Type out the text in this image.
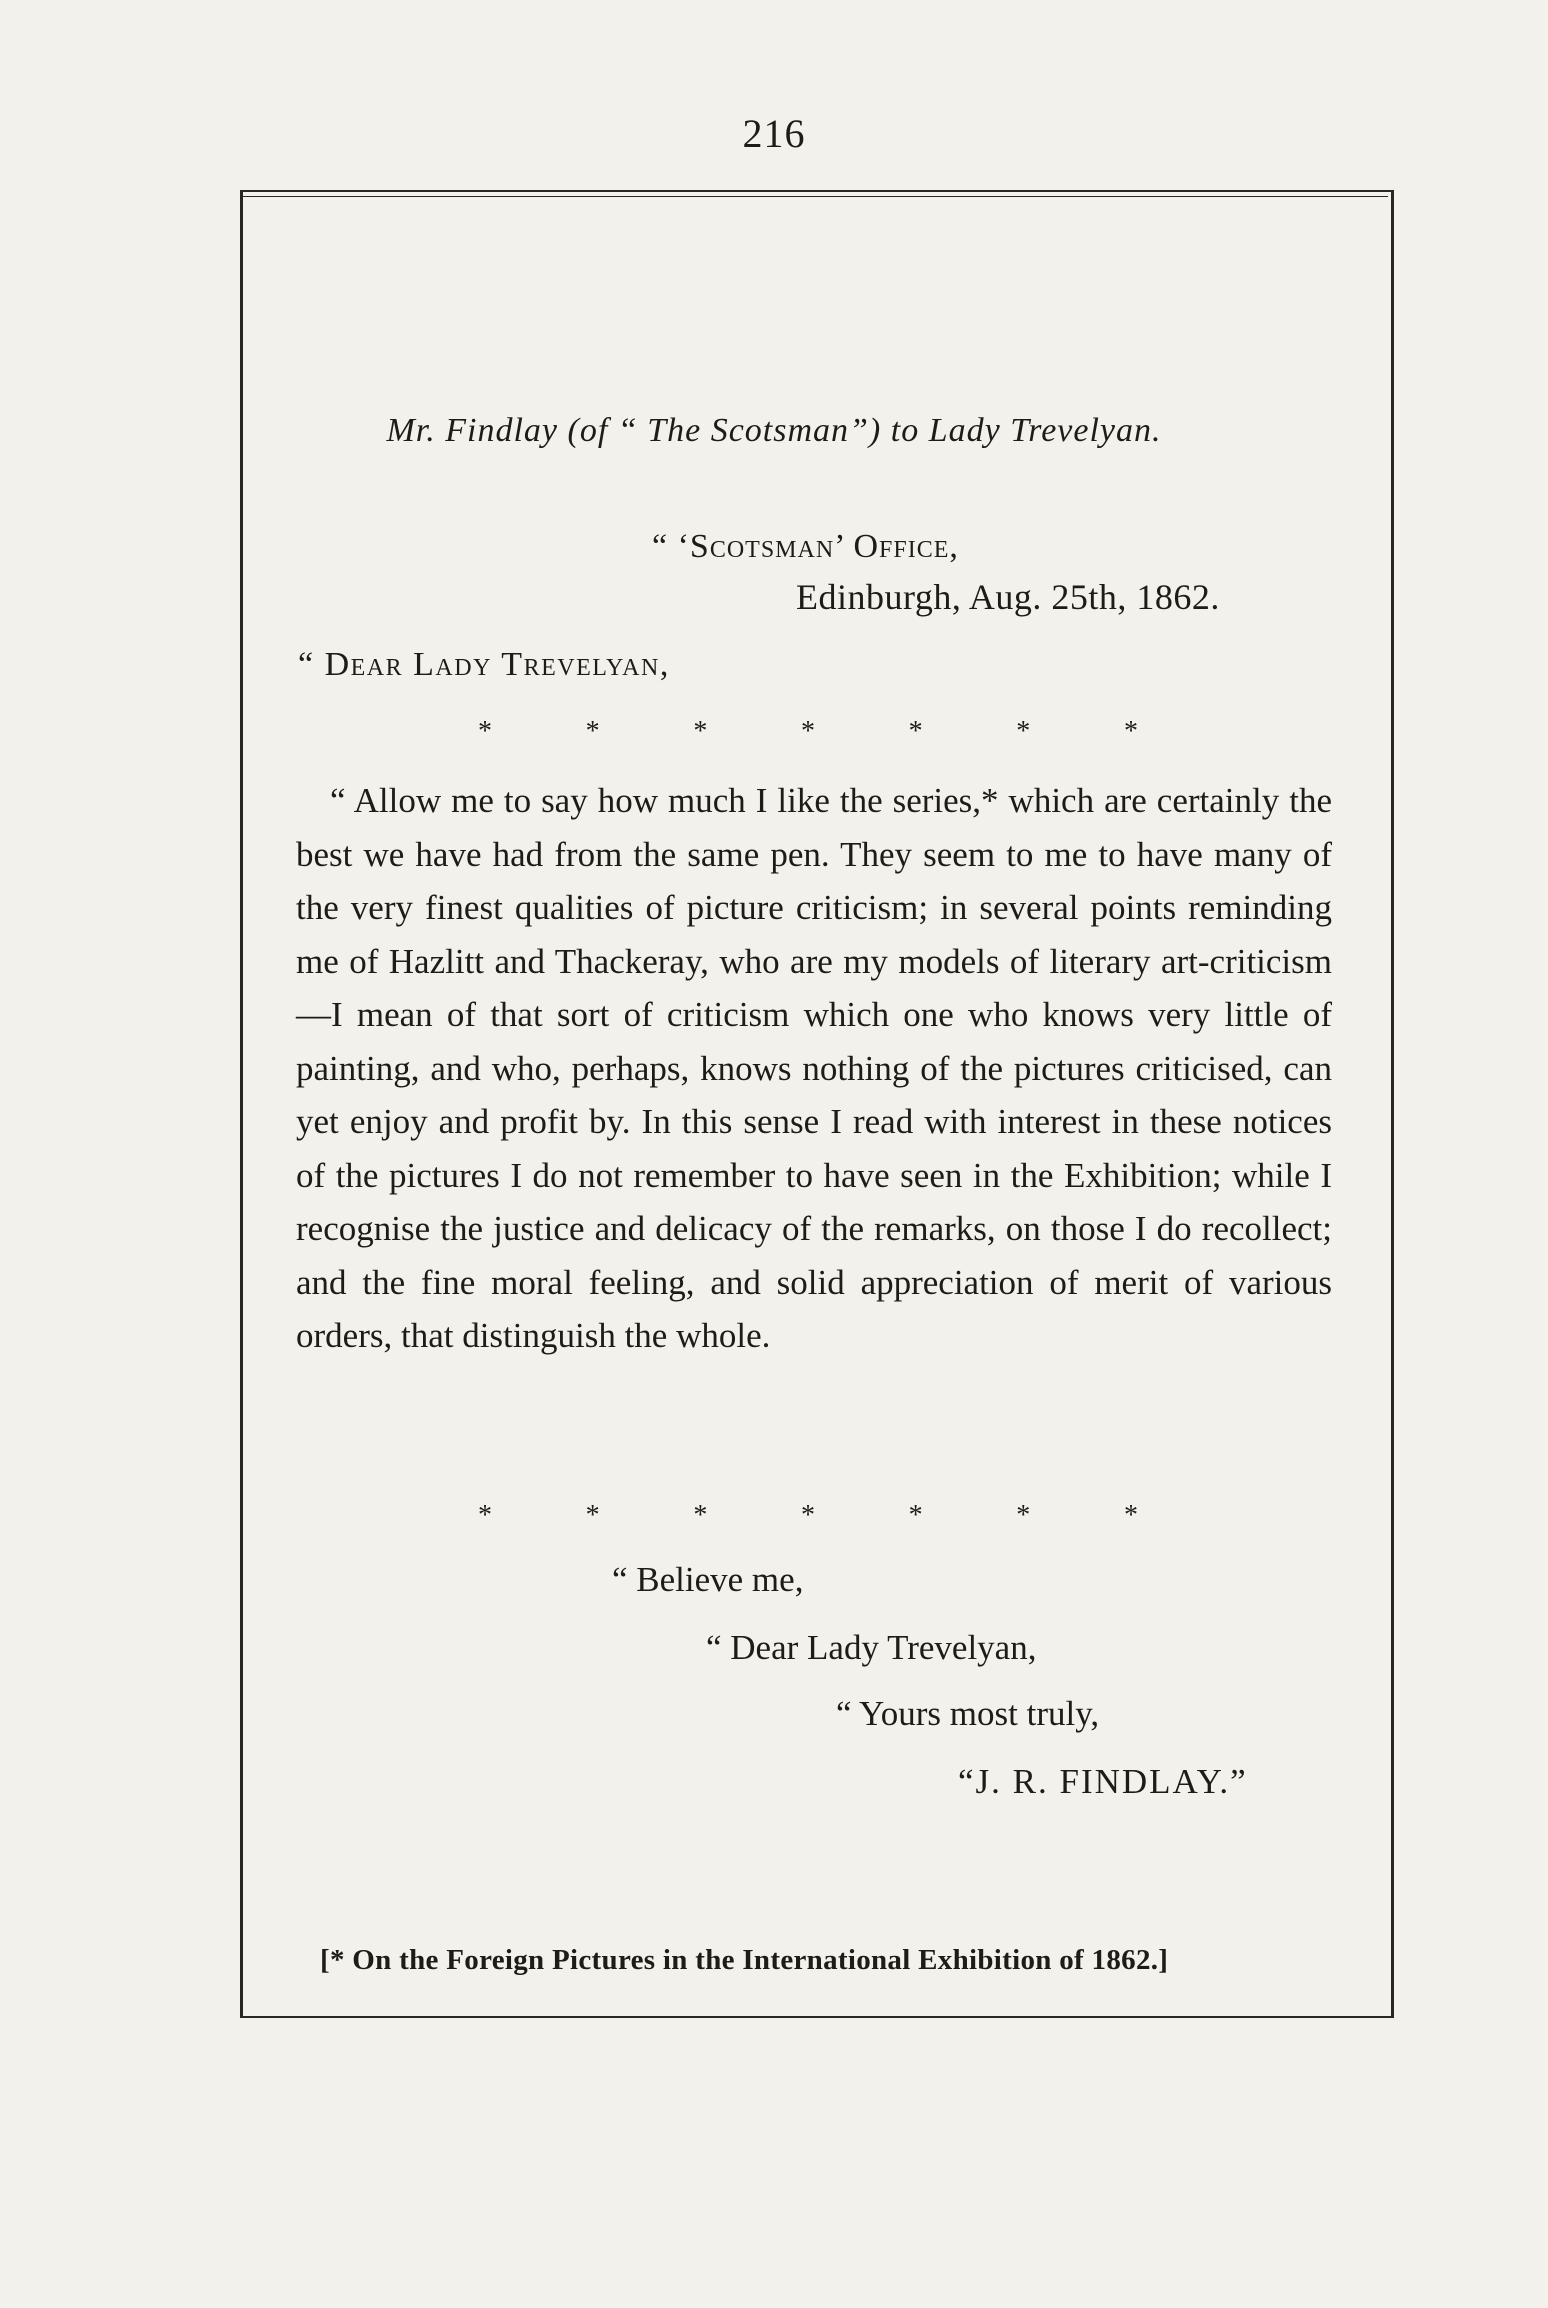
216
Mr. Findlay (of “ The Scotsman”) to Lady Trevelyan.
“ ‘Scotsman’ Office,
Edinburgh, Aug. 25th, 1862.
“ Dear Lady Trevelyan,
*	*	*	*	*	*	*
“ Allow me to say how much I like the series,* which are certainly the best we have had from the same pen. They seem to me to have many of the very finest qualities of picture criticism; in several points reminding me of Hazlitt and Thackeray, who are my models of literary art-criticism —I mean of that sort of criticism which one who knows very little of painting, and who, perhaps, knows nothing of the pictures criticised, can yet enjoy and profit by. In this sense I read with interest in these notices of the pictures I do not remember to have seen in the Exhibition; while I recognise the justice and delicacy of the remarks, on those I do recollect; and the fine moral feeling, and solid appreciation of merit of various orders, that distinguish the whole.
*	*	*	*	*	*	*
“ Believe me,
“ Dear Lady Trevelyan,
“ Yours most truly,
“J. R. FINDLAY.”
[* On the Foreign Pictures in the International Exhibition of 1862.]
